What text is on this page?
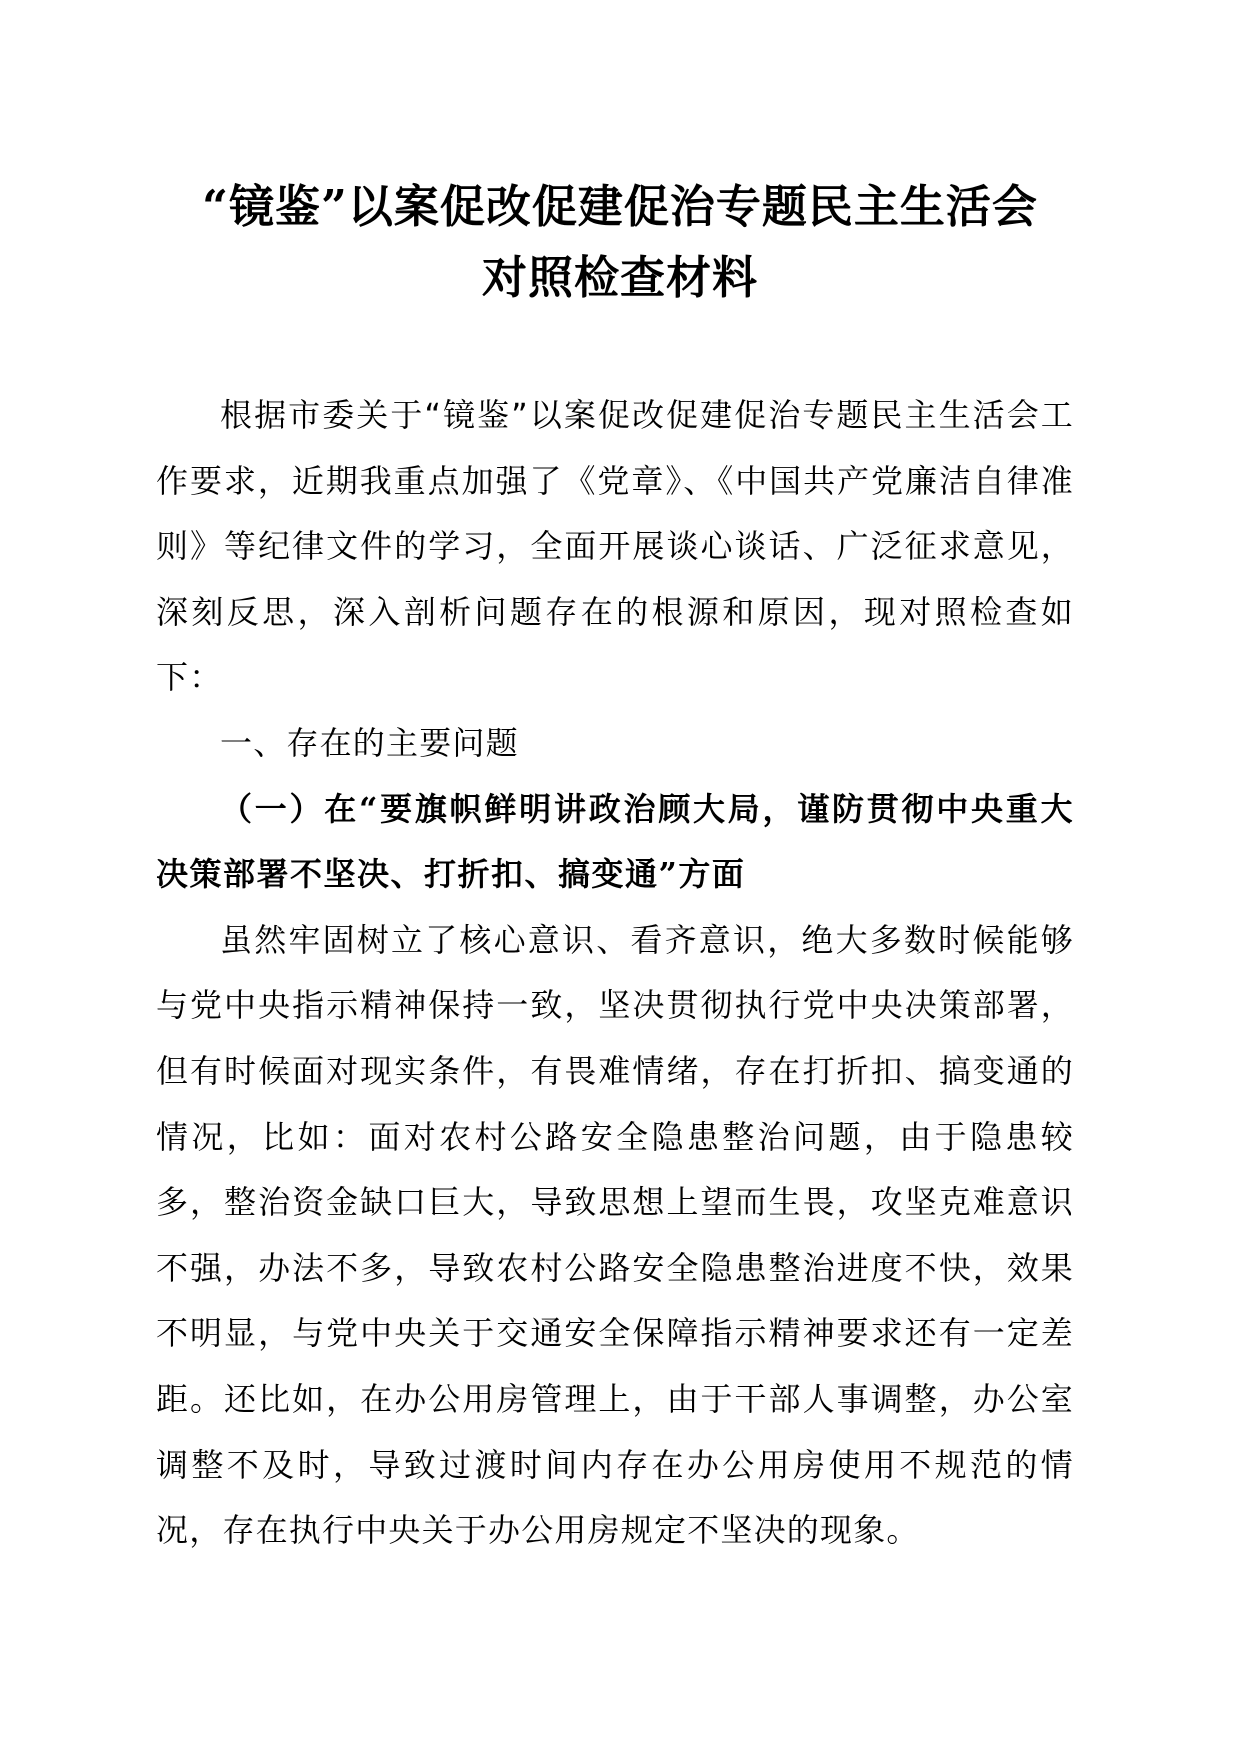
“镜鉴”以案促改促建促治专题民主生活会
对照检查材料

根据市委关于“镜鉴”以案促改促建促治专题民主生活会工作要求，近期我重点加强了《党章》、《中国共产党廉洁自律准则》等纪律文件的学习，全面开展谈心谈话、广泛征求意见，深刻反思，深入剖析问题存在的根源和原因，现对照检查如下：

一、存在的主要问题

（一）在“要旗帜鲜明讲政治顾大局，谨防贯彻中央重大决策部署不坚决、打折扣、搞变通”方面

虽然牢固树立了核心意识、看齐意识，绝大多数时候能够与党中央指示精神保持一致，坚决贯彻执行党中央决策部署，但有时候面对现实条件，有畏难情绪，存在打折扣、搞变通的情况，比如：面对农村公路安全隐患整治问题，由于隐患较多，整治资金缺口巨大，导致思想上望而生畏，攻坚克难意识不强，办法不多，导致农村公路安全隐患整治进度不快，效果不明显，与党中央关于交通安全保障指示精神要求还有一定差距。还比如，在办公用房管理上，由于干部人事调整，办公室调整不及时，导致过渡时间内存在办公用房使用不规范的情况，存在执行中央关于办公用房规定不坚决的现象。
